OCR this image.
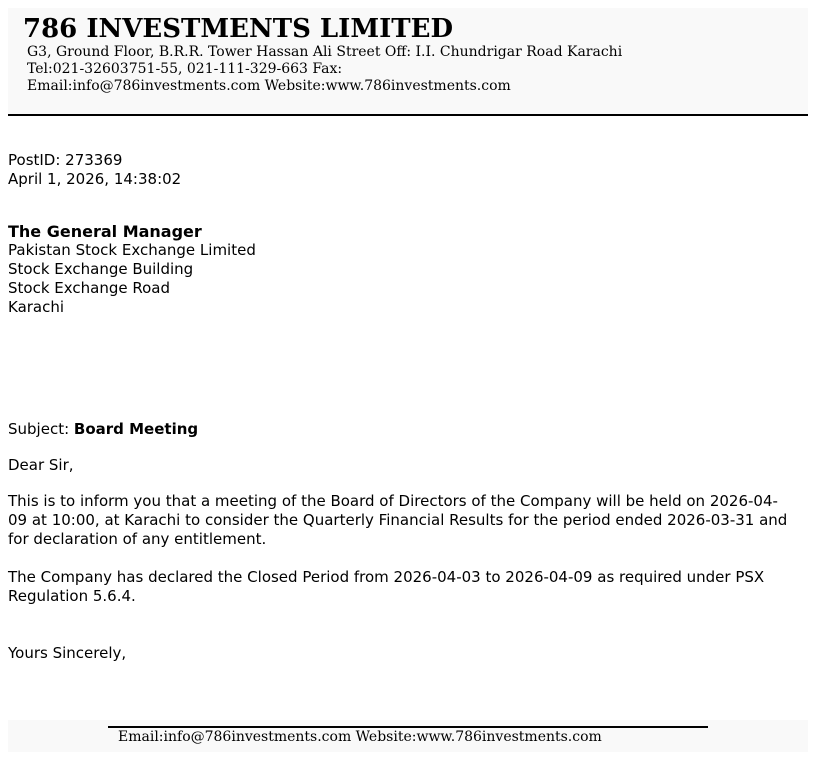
786 INVESTMENTS LIMITED
G3, Ground Floor, B.R.R. Tower Hassan Ali Street Off: I.I. Chundrigar Road Karachi
Tel:021-32603751-55, 021-111-329-663 Fax:
Email:info@786investments.com Website:www.786investments.com
PostID: 273369
April 1, 2026, 14:38:02
The General Manager
Pakistan Stock Exchange Limited
Stock Exchange Building
Stock Exchange Road
Karachi
Subject: Board Meeting
Dear Sir,
This is to inform you that a meeting of the Board of Directors of the Company will be held on 2026-04-09 at 10:00, at Karachi to consider the Quarterly Financial Results for the period ended 2026-03-31 and for declaration of any entitlement.
The Company has declared the Closed Period from 2026-04-03 to 2026-04-09 as required under PSX Regulation 5.6.4.
Yours Sincerely,
Email:info@786investments.com Website:www.786investments.com
